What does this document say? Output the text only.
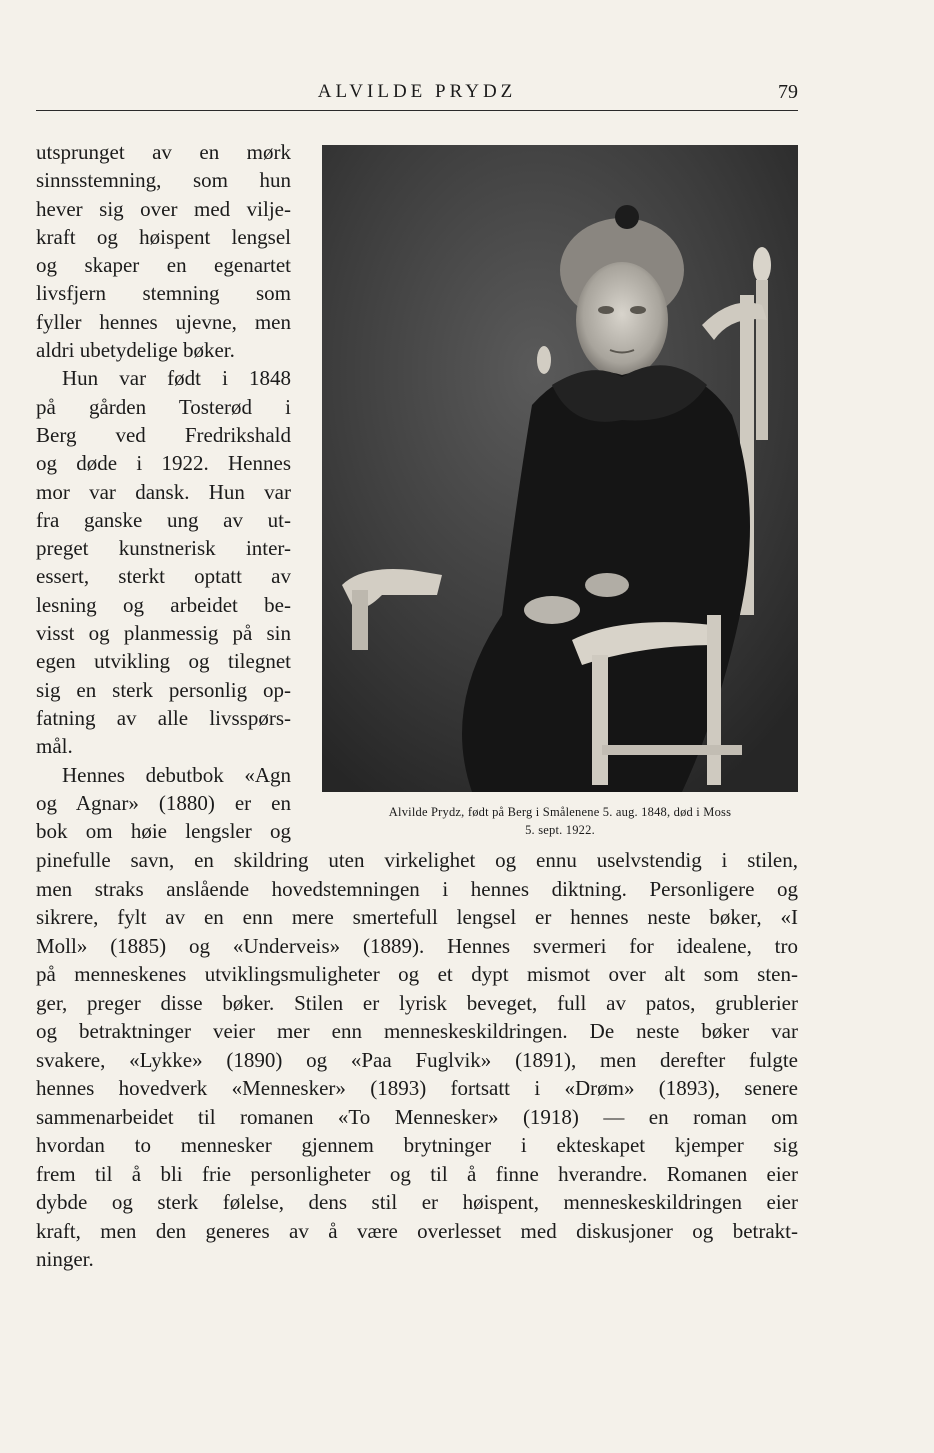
ALVILDE PRYDZ	79
utsprunget av en mørk
sinnsstemning, som hun
hever sig over med vilje-
kraft og høispent lengsel
og skaper en egenartet
livsfjern stemning som
fyller hennes ujevne, men
aldri ubetydelige bøker.
Hun var født i 1848
på gården Tosterød i
Berg ved Fredrikshald
og døde i 1922. Hennes
mor var dansk. Hun var
fra ganske ung av ut-
preget kunstnerisk inter-
essert, sterkt optatt av
lesning og arbeidet be-
visst og planmessig på sin
egen utvikling og tilegnet
sig en sterk personlig op-
fatning av alle livsspørs-
mål.
Hennes debutbok «Agn
og Agnar» (1880) er en
bok om høie lengsler og
Alvilde Prydz, født på Berg i Smålenene 5. aug. 1848, død i Moss
5. sept. 1922.
pinefulle savn, en skildring uten virkelighet og ennu uselvstendig i stilen,
men straks anslående hovedstemningen i hennes diktning. Personligere og
sikrere, fylt av en enn mere smertefull lengsel er hennes neste bøker, «I
Moll» (1885) og «Underveis» (1889). Hennes svermeri for idealene, tro
på menneskenes utviklingsmuligheter og et dypt mismot over alt som sten-
ger, preger disse bøker. Stilen er lyrisk beveget, full av patos, grublerier
og betraktninger veier mer enn menneskeskildringen. De neste bøker var
svakere, «Lykke» (1890) og «Paa Fuglvik» (1891), men derefter fulgte
hennes hovedverk «Mennesker» (1893) fortsatt i «Drøm» (1893), senere
sammenarbeidet til romanen «To Mennesker» (1918) — en roman om
hvordan to mennesker gjennem brytninger i ekteskapet kjemper sig
frem til å bli frie personligheter og til å finne hverandre. Romanen eier
dybde og sterk følelse, dens stil er høispent, menneskeskildringen eier
kraft, men den generes av å være overlesset med diskusjoner og betrakt-
ninger.
